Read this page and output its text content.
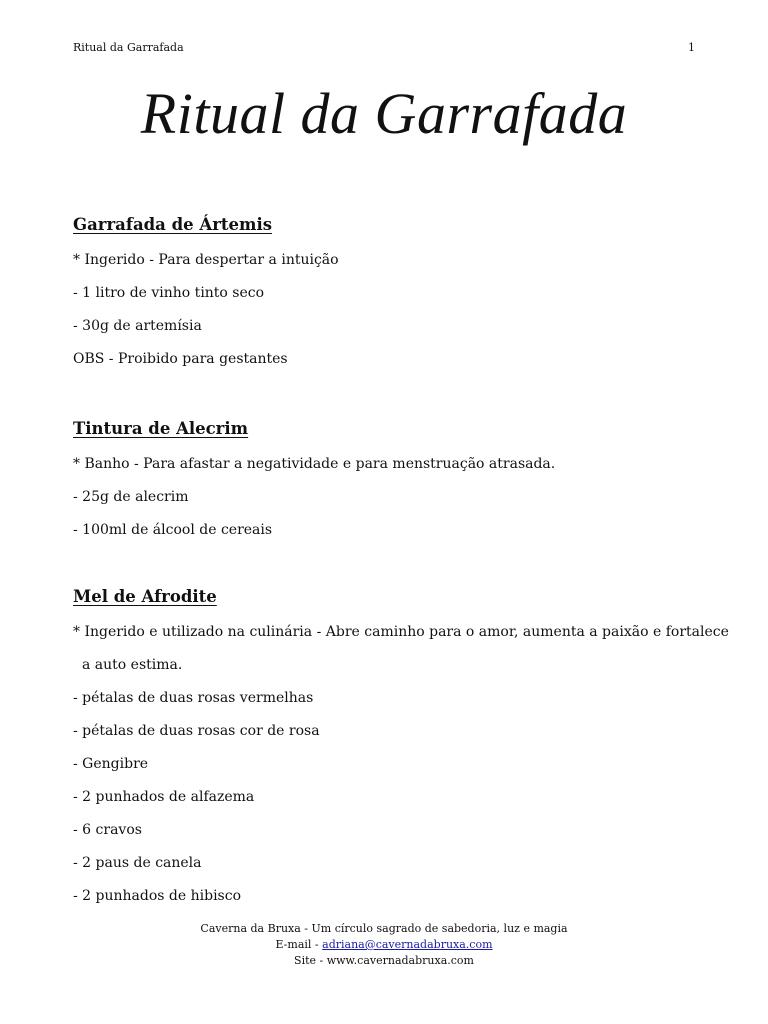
Ritual da Garrafada	1
Ritual da Garrafada
Garrafada de Ártemis
* Ingerido - Para despertar a intuição
- 1 litro de vinho tinto seco
- 30g de artemísia
OBS - Proibido para gestantes
Tintura de Alecrim
* Banho - Para afastar a negatividade e para menstruação atrasada.
- 25g de alecrim
- 100ml de álcool de cereais
Mel de Afrodite
* Ingerido e utilizado na culinária - Abre caminho para o amor, aumenta a paixão e fortalece
a auto estima.
- pétalas de duas rosas vermelhas
- pétalas de duas rosas cor de rosa
- Gengibre
- 2 punhados de alfazema
- 6 cravos
- 2 paus de canela
- 2 punhados de hibisco
Caverna da Bruxa - Um círculo sagrado de sabedoria, luz e magia
E-mail - adriana@cavernadabruxa.com
Site - www.cavernadabruxa.com
